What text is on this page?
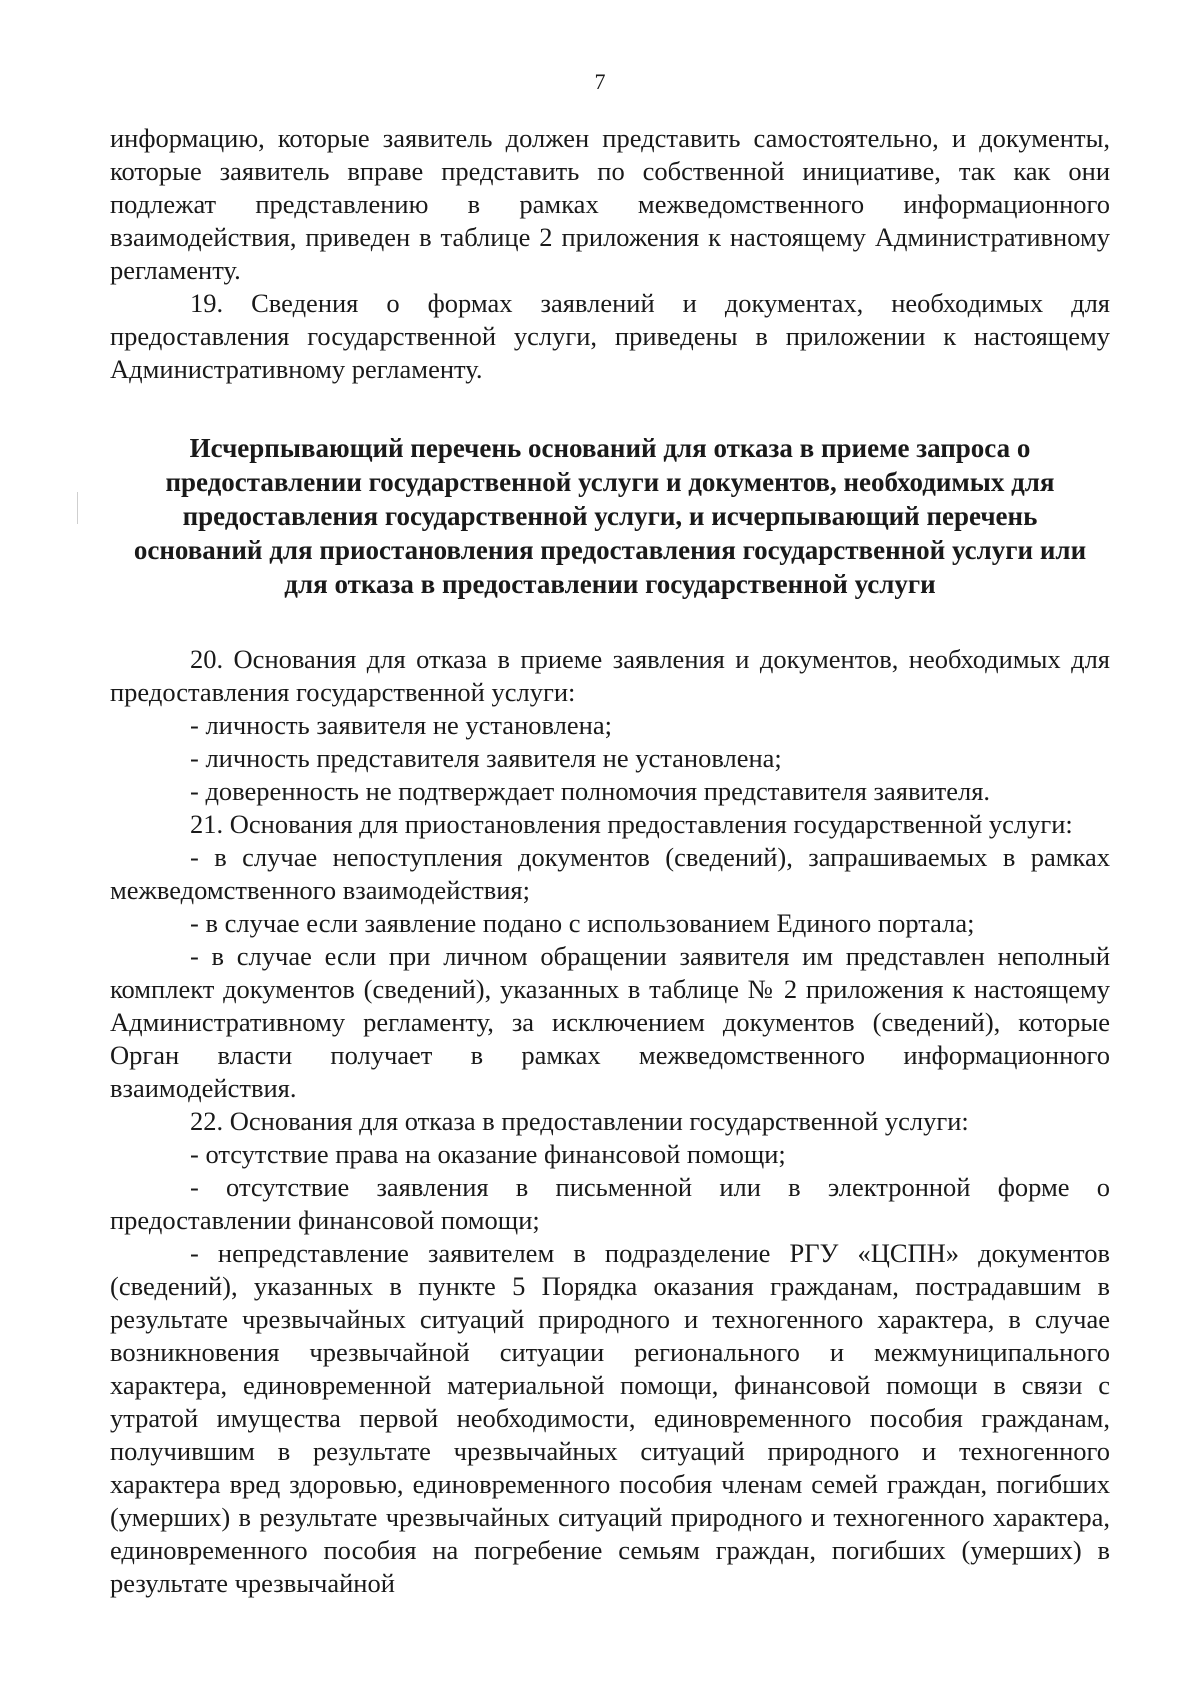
7

информацию, которые заявитель должен представить самостоятельно, и документы, которые заявитель вправе представить по собственной инициативе, так как они подлежат представлению в рамках межведомственного информационного взаимодействия, приведен в таблице 2 приложения к настоящему Административному регламенту.

19. Сведения о формах заявлений и документах, необходимых для предоставления государственной услуги, приведены в приложении к настоящему Административному регламенту.

Исчерпывающий перечень оснований для отказа в приеме запроса о предоставлении государственной услуги и документов, необходимых для предоставления государственной услуги, и исчерпывающий перечень оснований для приостановления предоставления государственной услуги или для отказа в предоставлении государственной услуги

20. Основания для отказа в приеме заявления и документов, необходимых для предоставления государственной услуги:

- личность заявителя не установлена;

- личность представителя заявителя не установлена;

- доверенность не подтверждает полномочия представителя заявителя.

21. Основания для приостановления предоставления государственной услуги:

- в случае непоступления документов (сведений), запрашиваемых в рамках межведомственного взаимодействия;

- в случае если заявление подано с использованием Единого портала;

- в случае если при личном обращении заявителя им представлен неполный комплект документов (сведений), указанных в таблице № 2 приложения к настоящему Административному регламенту, за исключением документов (сведений), которые Орган власти получает в рамках межведомственного информационного взаимодействия.

22. Основания для отказа в предоставлении государственной услуги:

- отсутствие права на оказание финансовой помощи;

- отсутствие заявления в письменной или в электронной форме о предоставлении финансовой помощи;

- непредставление заявителем в подразделение РГУ «ЦСПН» документов (сведений), указанных в пункте 5 Порядка оказания гражданам, пострадавшим в результате чрезвычайных ситуаций природного и техногенного характера, в случае возникновения чрезвычайной ситуации регионального и межмуниципального характера, единовременной материальной помощи, финансовой помощи в связи с утратой имущества первой необходимости, единовременного пособия гражданам, получившим в результате чрезвычайных ситуаций природного и техногенного характера вред здоровью, единовременного пособия членам семей граждан, погибших (умерших) в результате чрезвычайных ситуаций природного и техногенного характера, единовременного пособия на погребение семьям граждан, погибших (умерших) в результате чрезвычайной
